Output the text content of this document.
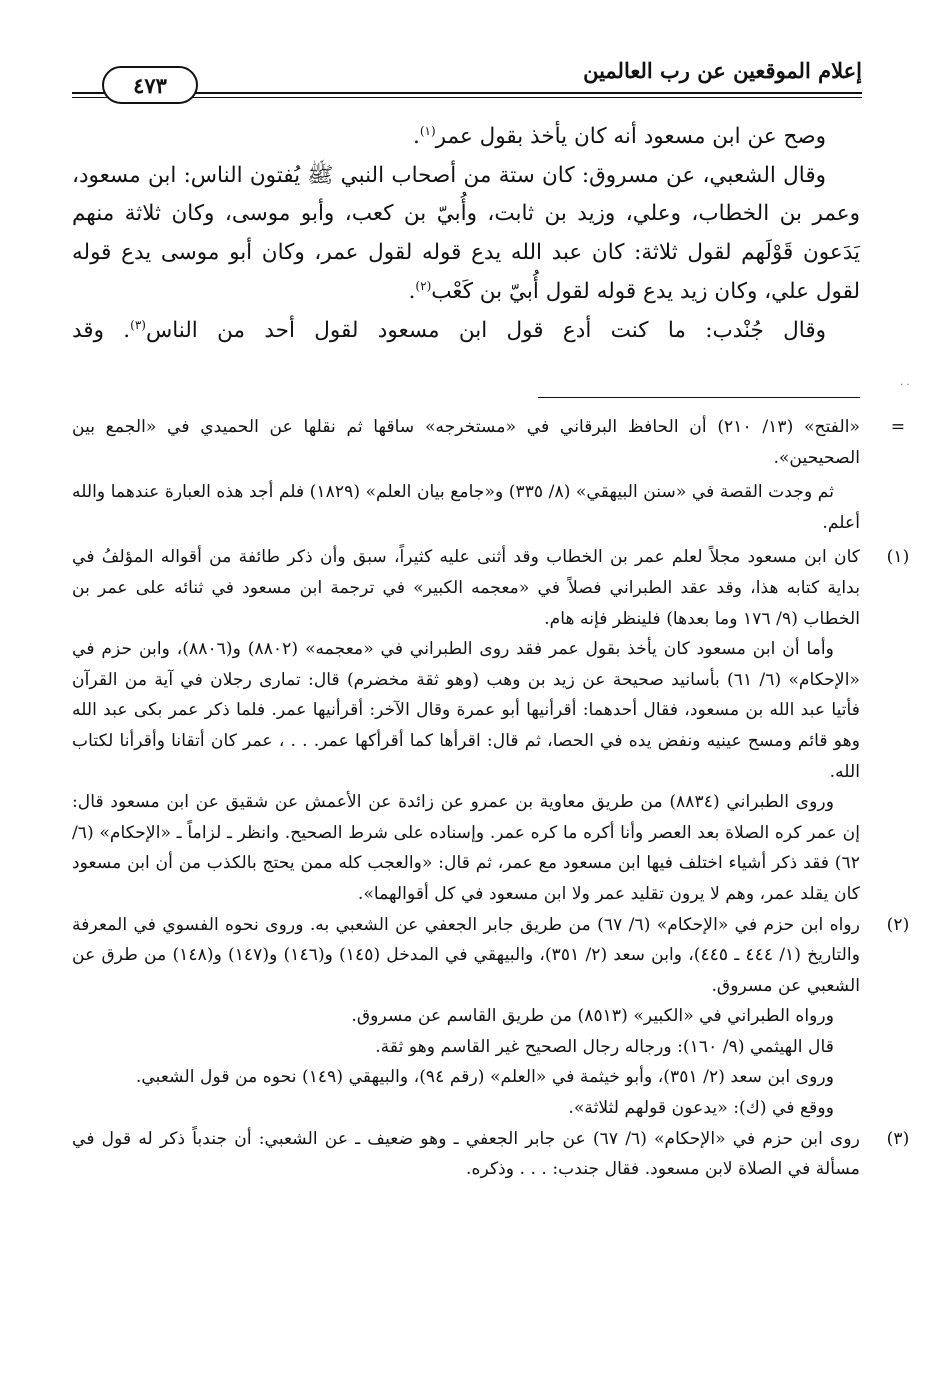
إعلام الموقعين عن رب العالمين
٤٧٣

وصح عن ابن مسعود أنه كان يأخذ بقول عمر$^{(١)}$.

وقال الشعبي، عن مسروق: كان ستة من أصحاب النبي ﷺ يُفتون الناس: ابن مسعود، وعمر بن الخطاب، وعلي، وزيد بن ثابت، وأُبيّ بن كعب، وأبو موسى، وكان ثلاثة منهم يَدَعون قَوْلَهم لقول ثلاثة: كان عبد الله يدع قوله لقول عمر، وكان أبو موسى يدع قوله لقول علي، وكان زيد يدع قوله لقول أُبيّ بن كَعْب$^{(٢)}$.

وقال جُنْدب: ما كنت أدع قول ابن مسعود لقول أحد من الناس$^{(٣)}$. وقد

· ·
=

«الفتح» (١٣/ ٢١٠) أن الحافظ البرقاني في «مستخرجه» ساقها ثم نقلها عن الحميدي في «الجمع بين الصحيحين».

ثم وجدت القصة في «سنن البيهقي» (٨/ ٣٣٥) و«جامع بيان العلم» (١٨٢٩) فلم أجد هذه العبارة عندهما والله أعلم.

(١)

كان ابن مسعود مجلاً لعلم عمر بن الخطاب وقد أثنى عليه كثيراً، سبق وأن ذكر طائفة من أقواله المؤلفُ في بداية كتابه هذا، وقد عقد الطبراني فصلاً في «معجمه الكبير» في ترجمة ابن مسعود في ثنائه على عمر بن الخطاب (٩/ ١٧٦ وما بعدها) فلينظر فإنه هام.

وأما أن ابن مسعود كان يأخذ بقول عمر فقد روى الطبراني في «معجمه» (٨٨٠٢) و(٨٨٠٦)، وابن حزم في «الإحكام» (٦/ ٦١) بأسانيد صحيحة عن زيد بن وهب (وهو ثقة مخضرم) قال: تمارى رجلان في آية من القرآن فأتيا عبد الله بن مسعود، فقال أحدهما: أقرأنيها أبو عمرة وقال الآخر: أقرأنيها عمر. فلما ذكر عمر بكى عبد الله وهو قائم ومسح عينيه ونفض يده في الحصا، ثم قال: اقرأها كما أقرأكها عمر. . . ، عمر كان أتقانا وأقرأنا لكتاب الله.

وروى الطبراني (٨٨٣٤) من طريق معاوية بن عمرو عن زائدة عن الأعمش عن شقيق عن ابن مسعود قال: إن عمر كره الصلاة بعد العصر وأنا أكره ما كره عمر. وإسناده على شرط الصحيح. وانظر ـ لزاماً ـ «الإحكام» (٦/ ٦٢) فقد ذكر أشياء اختلف فيها ابن مسعود مع عمر، ثم قال: «والعجب كله ممن يحتج بالكذب من أن ابن مسعود كان يقلد عمر، وهم لا يرون تقليد عمر ولا ابن مسعود في كل أقوالهما».

(٢)

رواه ابن حزم في «الإحكام» (٦/ ٦٧) من طريق جابر الجعفي عن الشعبي به. وروى نحوه الفسوي في المعرفة والتاريخ (١/ ٤٤٤ ـ ٤٤٥)، وابن سعد (٢/ ٣٥١)، والبيهقي في المدخل (١٤٥) و(١٤٦) و(١٤٧) و(١٤٨) من طرق عن الشعبي عن مسروق.

ورواه الطبراني في «الكبير» (٨٥١٣) من طريق القاسم عن مسروق.

قال الهيثمي (٩/ ١٦٠): ورجاله رجال الصحيح غير القاسم وهو ثقة.

وروى ابن سعد (٢/ ٣٥١)، وأبو خيثمة في «العلم» (رقم ٩٤)، والبيهقي (١٤٩) نحوه من قول الشعبي.

ووقع في (ك): «يدعون قولهم لثلاثة».

(٣)

روى ابن حزم في «الإحكام» (٦/ ٦٧) عن جابر الجعفي ـ وهو ضعيف ـ عن الشعبي: أن جندباً ذكر له قول في مسألة في الصلاة لابن مسعود. فقال جندب: . . . وذكره.
